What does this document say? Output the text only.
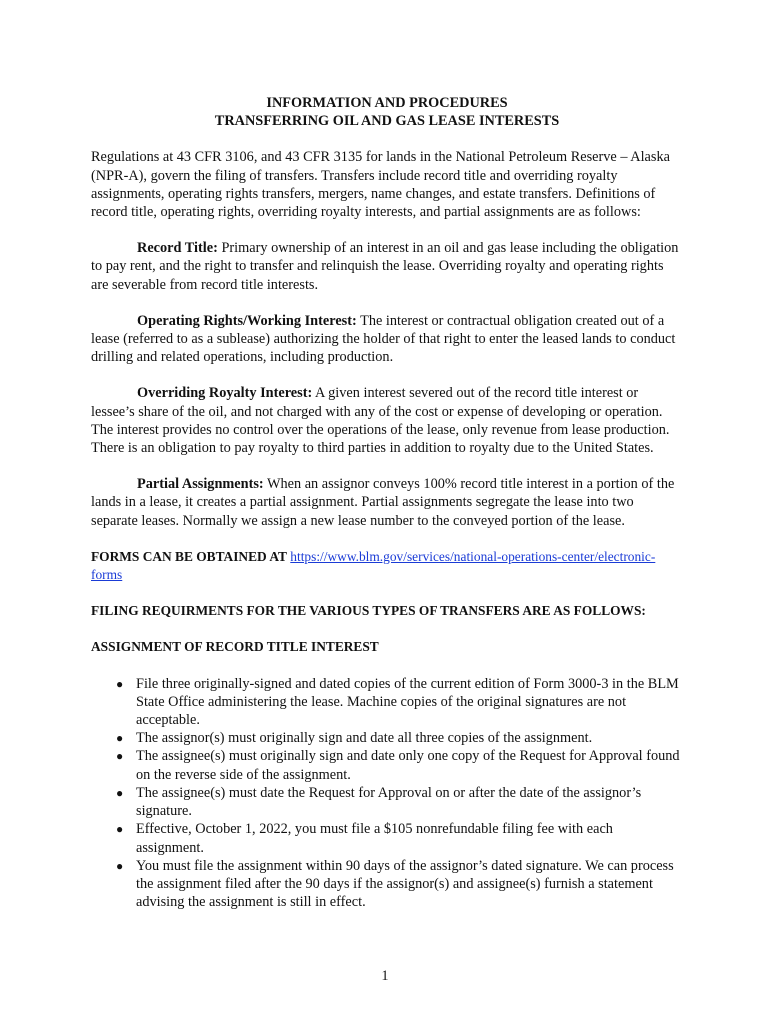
INFORMATION AND PROCEDURES
TRANSFERRING OIL AND GAS LEASE INTERESTS

Regulations at 43 CFR 3106, and 43 CFR 3135 for lands in the National Petroleum Reserve – Alaska (NPR-A), govern the filing of transfers. Transfers include record title and overriding royalty assignments, operating rights transfers, mergers, name changes, and estate transfers. Definitions of record title, operating rights, overriding royalty interests, and partial assignments are as follows:

Record Title: Primary ownership of an interest in an oil and gas lease including the obligation to pay rent, and the right to transfer and relinquish the lease. Overriding royalty and operating rights are severable from record title interests.

Operating Rights/Working Interest: The interest or contractual obligation created out of a lease (referred to as a sublease) authorizing the holder of that right to enter the leased lands to conduct drilling and related operations, including production.

Overriding Royalty Interest: A given interest severed out of the record title interest or lessee’s share of the oil, and not charged with any of the cost or expense of developing or operation. The interest provides no control over the operations of the lease, only revenue from lease production. There is an obligation to pay royalty to third parties in addition to royalty due to the United States.

Partial Assignments: When an assignor conveys 100% record title interest in a portion of the lands in a lease, it creates a partial assignment. Partial assignments segregate the lease into two separate leases. Normally we assign a new lease number to the conveyed portion of the lease.

FORMS CAN BE OBTAINED AT https://www.blm.gov/services/national-operations-center/electronic-forms

FILING REQUIRMENTS FOR THE VARIOUS TYPES OF TRANSFERS ARE AS FOLLOWS:

ASSIGNMENT OF RECORD TITLE INTEREST

● File three originally-signed and dated copies of the current edition of Form 3000-3 in the BLM State Office administering the lease. Machine copies of the original signatures are not acceptable.
● The assignor(s) must originally sign and date all three copies of the assignment.
● The assignee(s) must originally sign and date only one copy of the Request for Approval found on the reverse side of the assignment.
● The assignee(s) must date the Request for Approval on or after the date of the assignor’s signature.
● Effective, October 1, 2022, you must file a $105 nonrefundable filing fee with each assignment.
● You must file the assignment within 90 days of the assignor’s dated signature. We can process the assignment filed after the 90 days if the assignor(s) and assignee(s) furnish a statement advising the assignment is still in effect.
1
